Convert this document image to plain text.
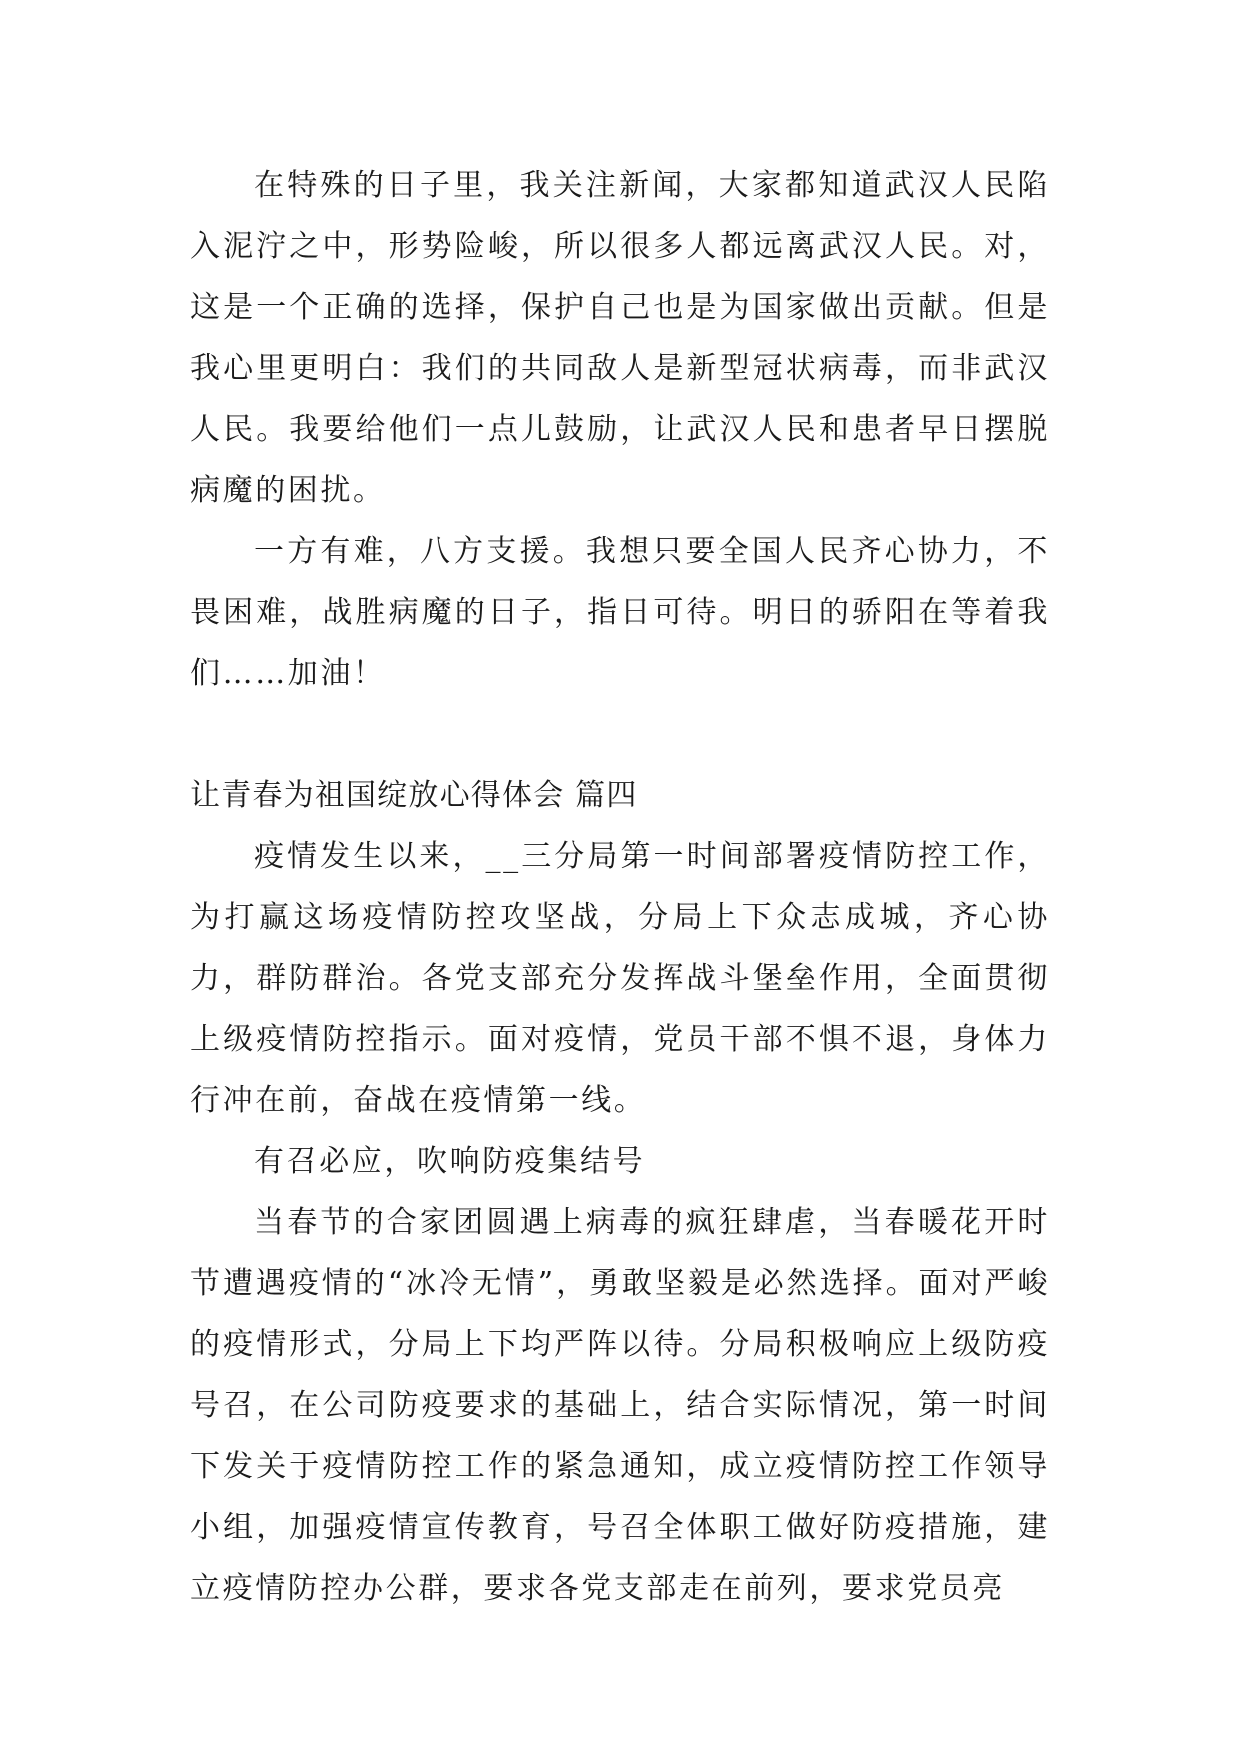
在特殊的日子里，我关注新闻，大家都知道武汉人民陷入泥泞之中，形势险峻，所以很多人都远离武汉人民。对，这是一个正确的选择，保护自己也是为国家做出贡献。但是我心里更明白：我们的共同敌人是新型冠状病毒，而非武汉人民。我要给他们一点儿鼓励，让武汉人民和患者早日摆脱病魔的困扰。

一方有难，八方支援。我想只要全国人民齐心协力，不畏困难，战胜病魔的日子，指日可待。明日的骄阳在等着我们……加油！

让青春为祖国绽放心得体会 篇四

疫情发生以来，__三分局第一时间部署疫情防控工作，为打赢这场疫情防控攻坚战，分局上下众志成城，齐心协力，群防群治。各党支部充分发挥战斗堡垒作用，全面贯彻上级疫情防控指示。面对疫情，党员干部不惧不退，身体力行冲在前，奋战在疫情第一线。

有召必应，吹响防疫集结号

当春节的合家团圆遇上病毒的疯狂肆虐，当春暖花开时节遭遇疫情的“冰冷无情”，勇敢坚毅是必然选择。面对严峻的疫情形式，分局上下均严阵以待。分局积极响应上级防疫号召，在公司防疫要求的基础上，结合实际情况，第一时间下发关于疫情防控工作的紧急通知，成立疫情防控工作领导小组，加强疫情宣传教育，号召全体职工做好防疫措施，建立疫情防控办公群，要求各党支部走在前列，要求党员亮
